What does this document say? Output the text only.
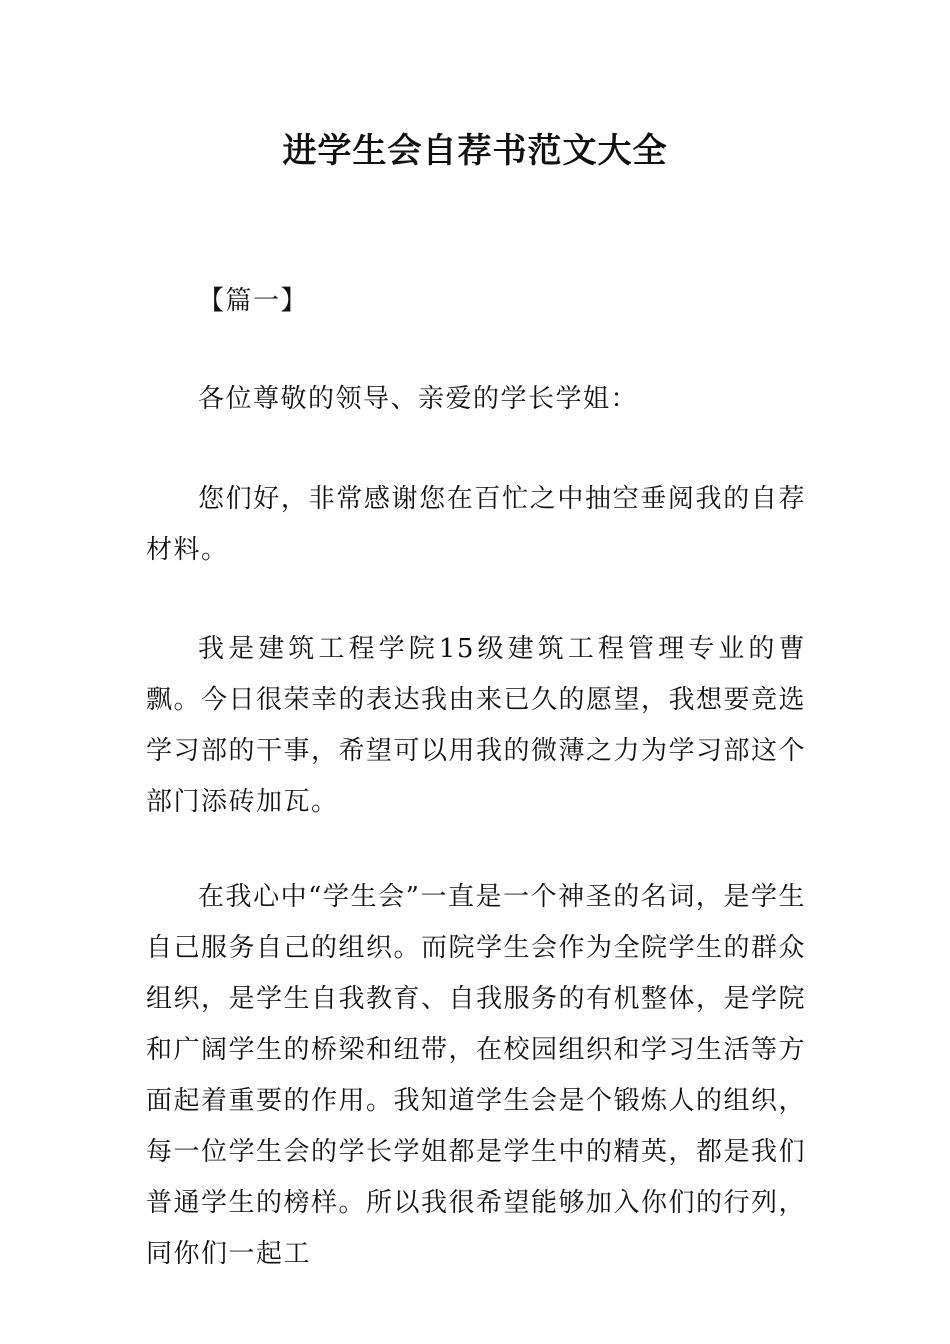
进学生会自荐书范文大全

【篇一】

各位尊敬的领导、亲爱的学长学姐：

您们好，非常感谢您在百忙之中抽空垂阅我的自荐材料。

我是建筑工程学院15级建筑工程管理专业的曹飘。今日很荣幸的表达我由来已久的愿望，我想要竞选学习部的干事，希望可以用我的微薄之力为学习部这个部门添砖加瓦。

在我心中“学生会”一直是一个神圣的名词，是学生自己服务自己的组织。而院学生会作为全院学生的群众组织，是学生自我教育、自我服务的有机整体，是学院和广阔学生的桥梁和纽带，在校园组织和学习生活等方面起着重要的作用。我知道学生会是个锻炼人的组织，每一位学生会的学长学姐都是学生中的精英，都是我们普通学生的榜样。所以我很希望能够加入你们的行列，同你们一起工
